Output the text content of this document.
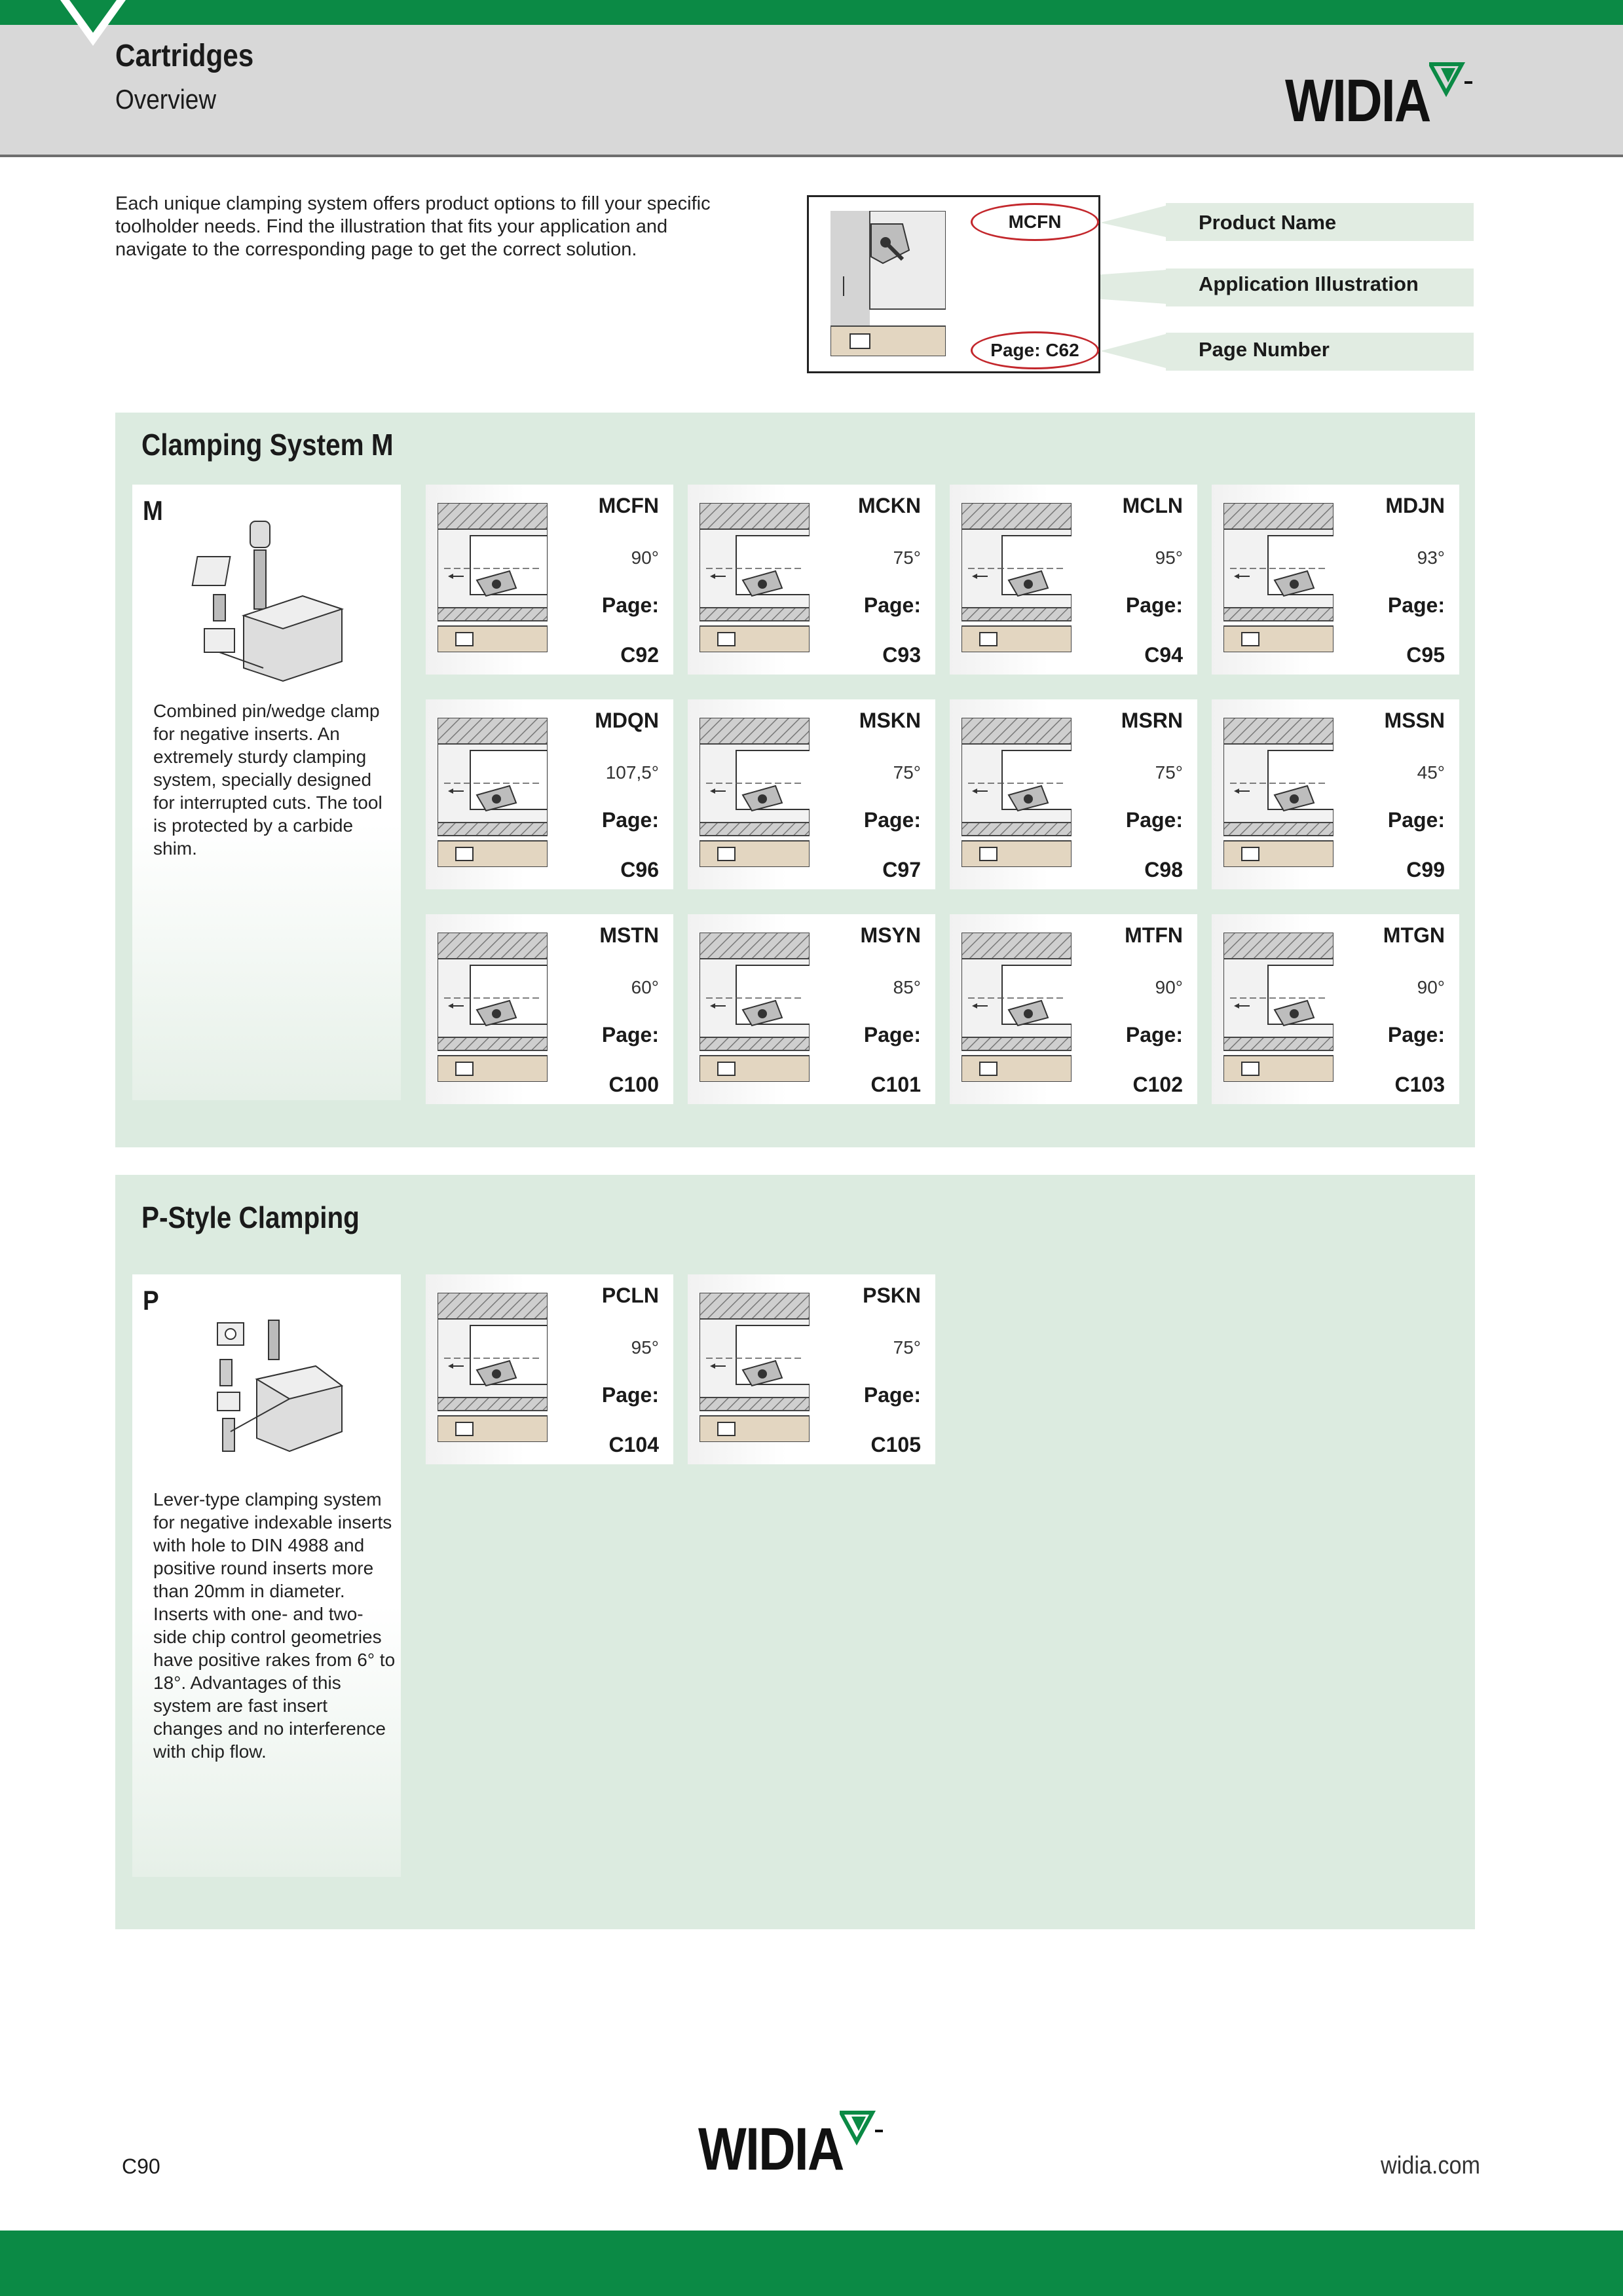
Cartridges
Overview	WIDIA
Each unique clamping system offers product options to fill your specific toolholder needs. Find the illustration that fits your application and navigate to the corresponding page to get the correct solution.
MCFN
Page: C62
Product Name
Application Illustration
Page Number
Clamping System M
M
Combined pin/wedge clamp for negative inserts. An extremely sturdy clamping system, specially designed for interrupted cuts. The tool is protected by a carbide shim.
MCFN
90°
Page:
C92
MCKN
75°
Page:
C93
MCLN
95°
Page:
C94
MDJN
93°
Page:
C95
MDQN
107,5°
Page:
C96
MSKN
75°
Page:
C97
MSRN
75°
Page:
C98
MSSN
45°
Page:
C99
MSTN
60°
Page:
C100
MSYN
85°
Page:
C101
MTFN
90°
Page:
C102
MTGN
90°
Page:
C103
P-Style Clamping
P
Lever-type clamping system for negative indexable inserts with hole to DIN 4988 and positive round inserts more than 20mm in diameter. Inserts with one- and two-side chip control geometries have positive rakes from 6° to 18°. Advantages of this system are fast insert changes and no interference with chip flow.
PCLN
95°
Page:
C104
PSKN
75°
Page:
C105
C90	WIDIA	widia.com
